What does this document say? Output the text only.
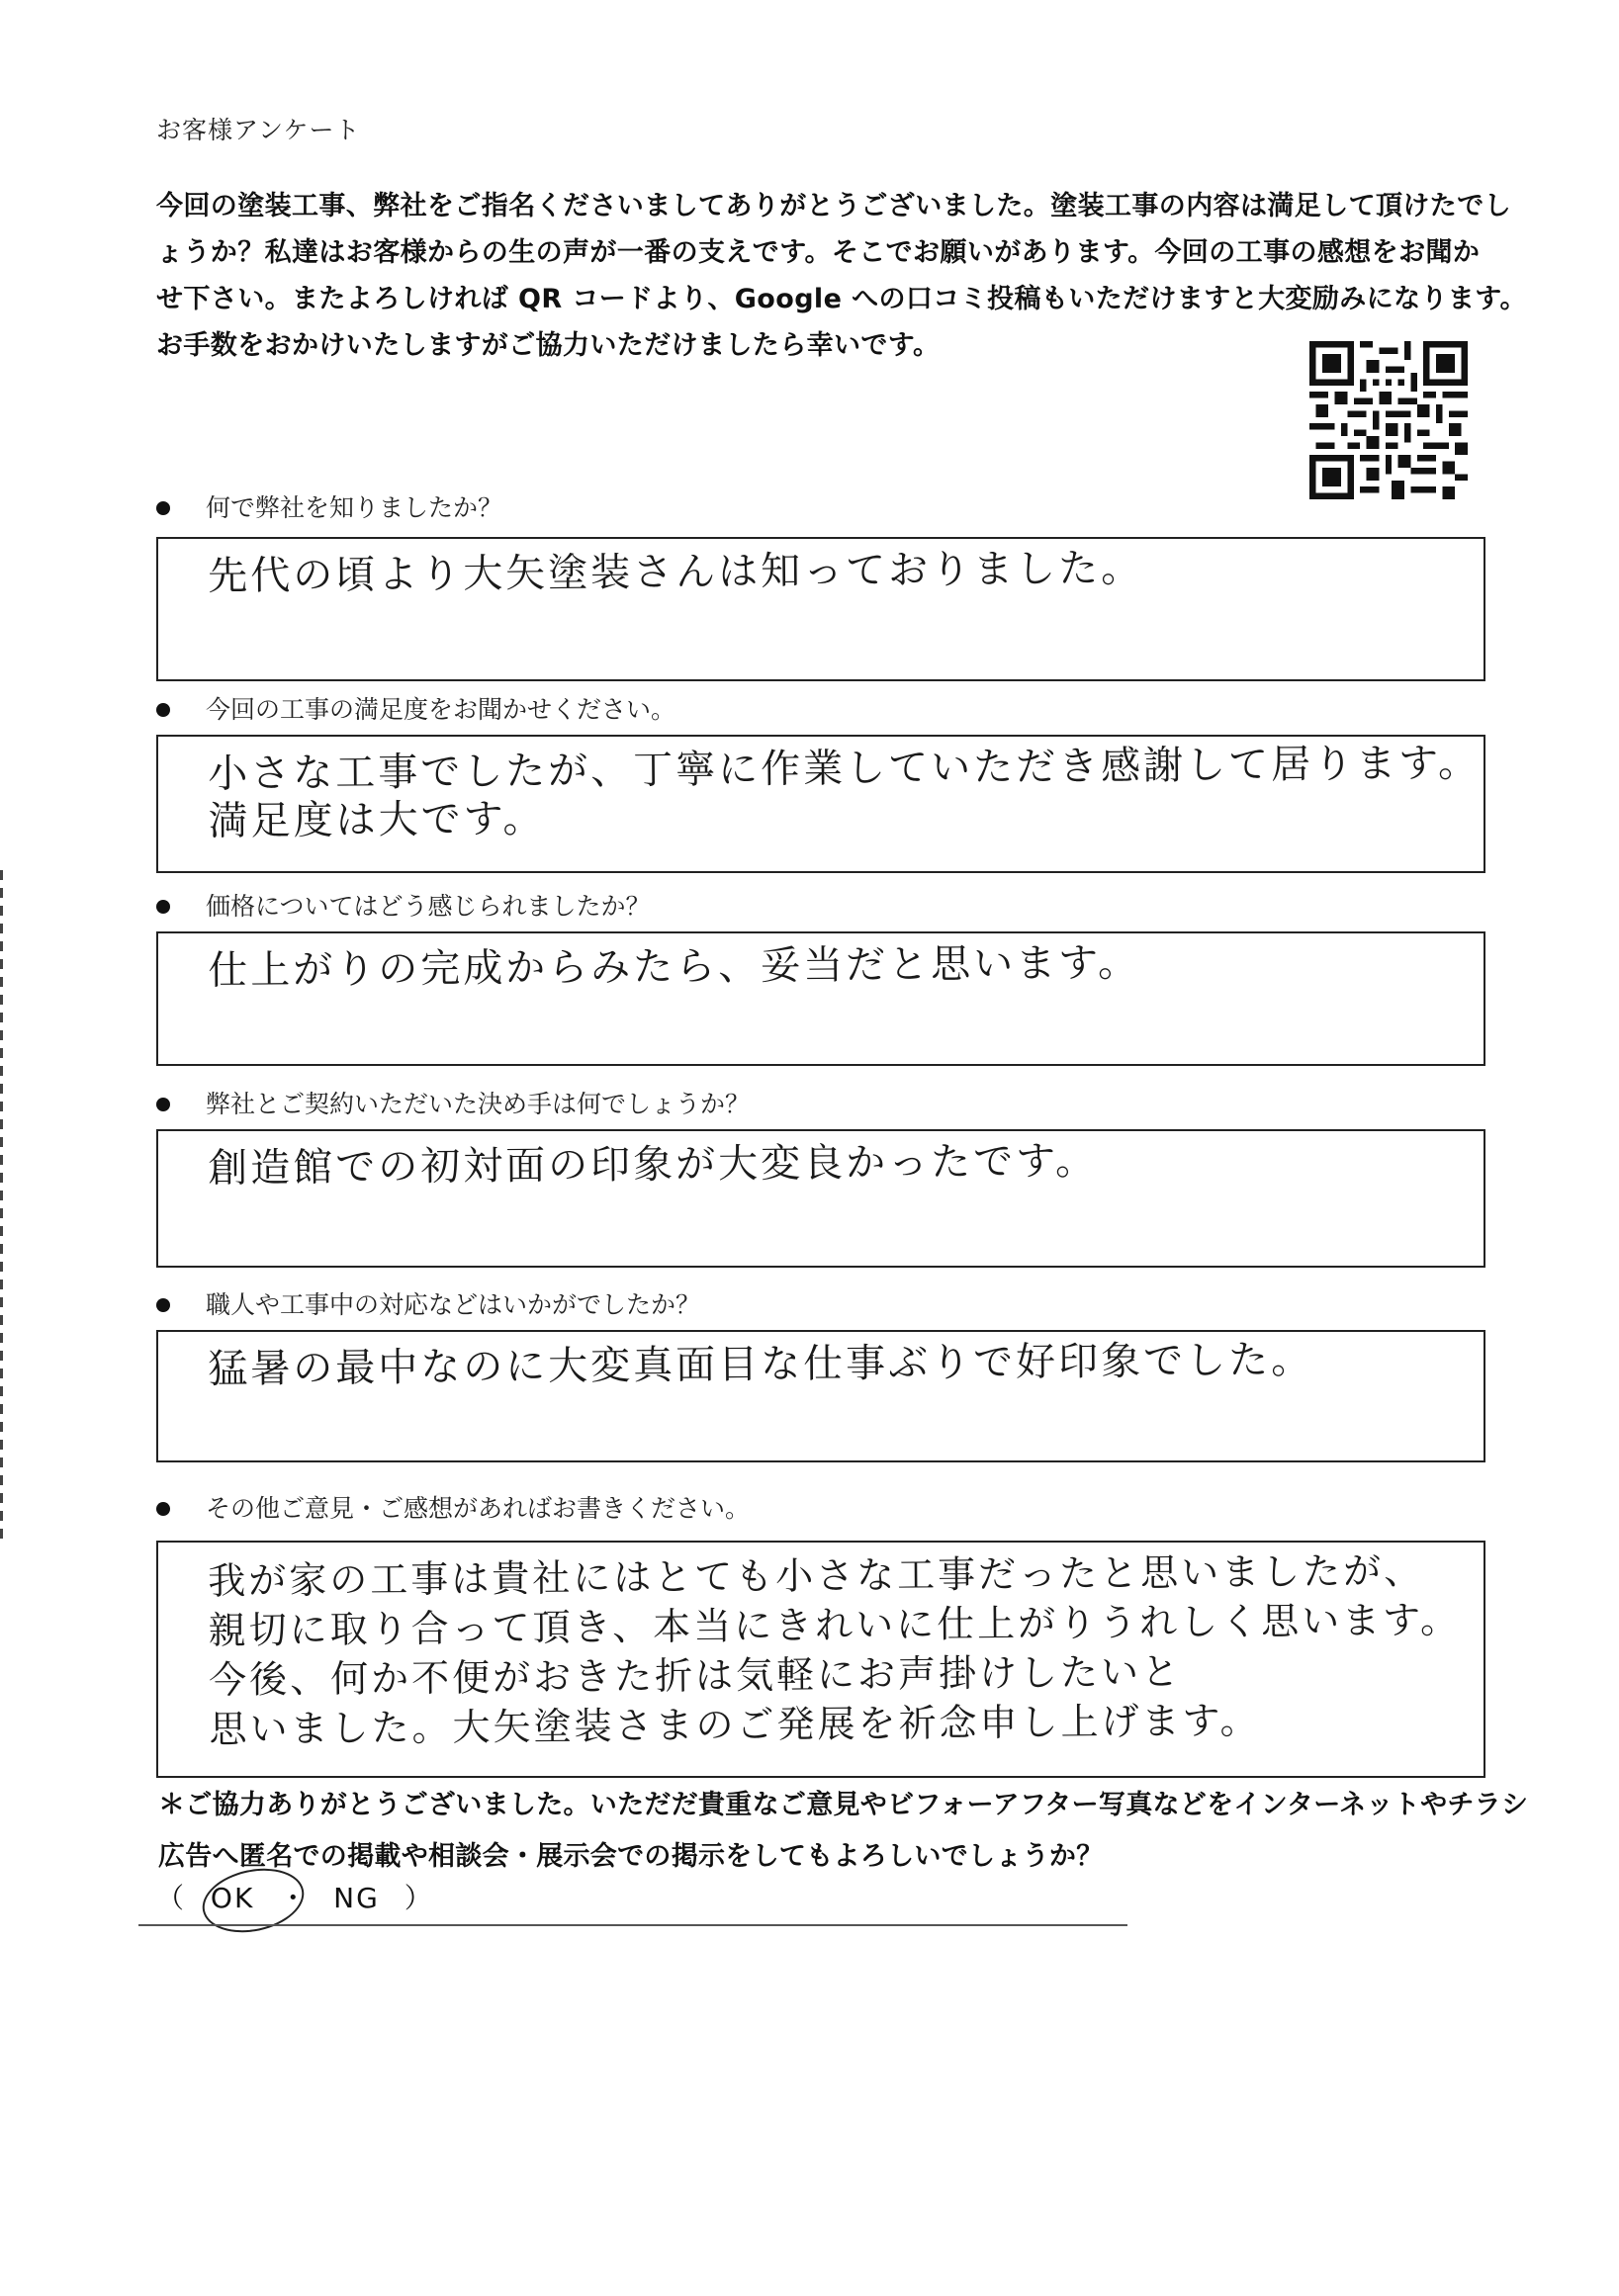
お客様アンケート

今回の塗装工事、弊社をご指名くださいましてありがとうございました。塗装工事の内容は満足して頂けたでし

ょうか？私達はお客様からの生の声が一番の支えです。そこでお願いがあります。今回の工事の感想をお聞か

せ下さい。またよろしければ QR コードより、Google への口コミ投稿もいただけますと大変励みになります。

お手数をおかけいたしますがご協力いただけましたら幸いです。

何で弊社を知りましたか？

先代の頃より大矢塗装さんは知っておりました。

今回の工事の満足度をお聞かせください。

小さな工事でしたが、丁寧に作業していただき感謝して居ります。

満足度は大です。

価格についてはどう感じられましたか？

仕上がりの完成からみたら、妥当だと思います。

弊社とご契約いただいた決め手は何でしょうか？

創造館での初対面の印象が大変良かったです。

職人や工事中の対応などはいかがでしたか？

猛暑の最中なのに大変真面目な仕事ぶりで好印象でした。

その他ご意見・ご感想があればお書きください。

我が家の工事は貴社にはとても小さな工事だったと思いましたが、

親切に取り合って頂き、本当にきれいに仕上がりうれしく思います。

今後、何か不便がおきた折は気軽にお声掛けしたいと

思いました。大矢塗装さまのご発展を祈念申し上げます。

＊ご協力ありがとうございました。いただだ貴重なご意見やビフォーアフター写真などをインターネットやチラシ

広告へ匿名での掲載や相談会・展示会での掲示をしてもよろしいでしょうか？

（ OK ・ NG ）
